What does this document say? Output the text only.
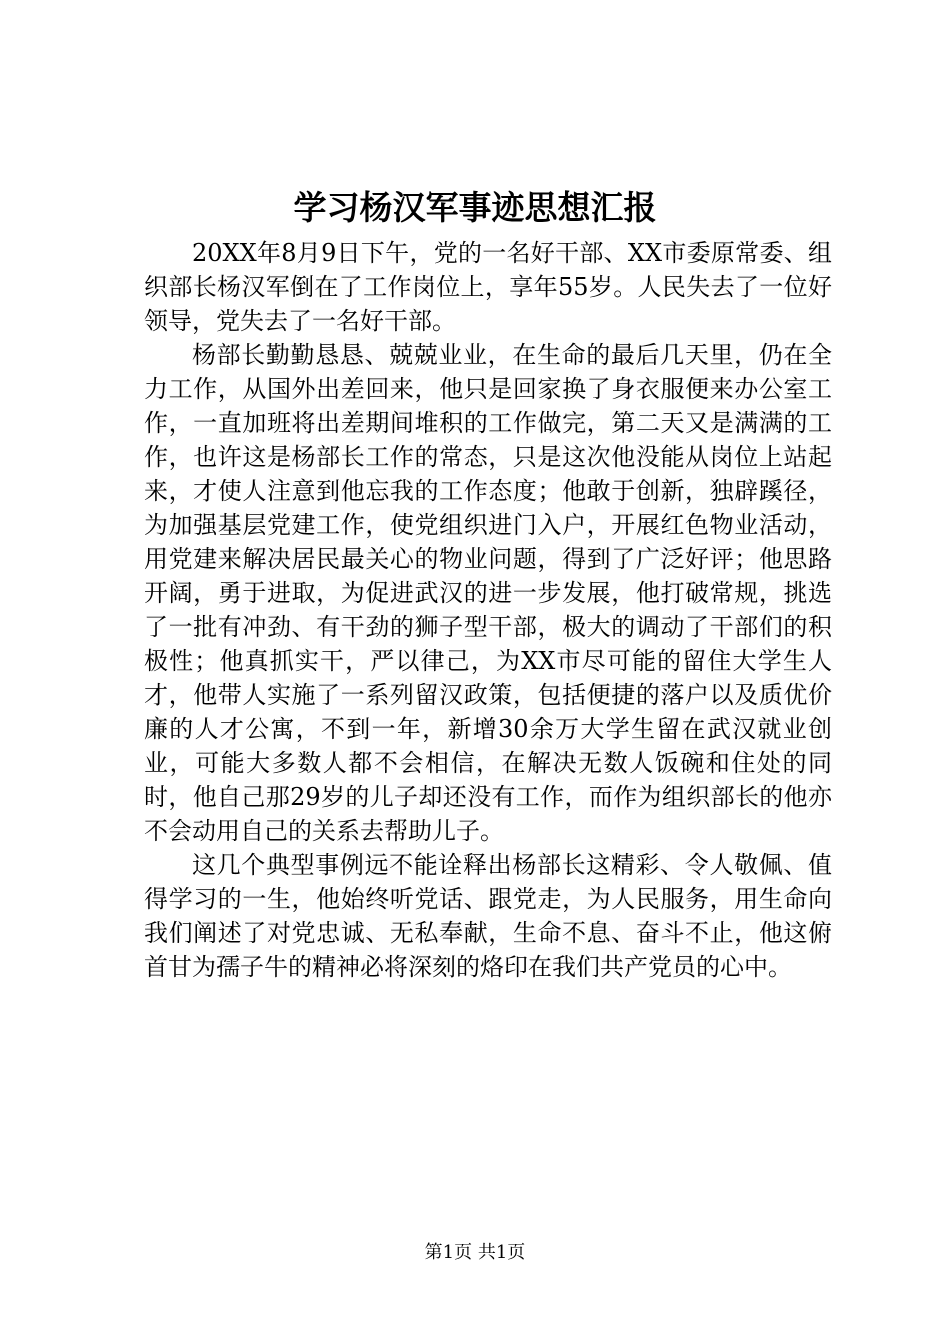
学习杨汉军事迹思想汇报

20XX年8月9日下午，党的一名好干部、XX市委原常委、组织部长杨汉军倒在了工作岗位上，享年55岁。人民失去了一位好领导，党失去了一名好干部。

杨部长勤勤恳恳、兢兢业业，在生命的最后几天里，仍在全力工作，从国外出差回来，他只是回家换了身衣服便来办公室工作，一直加班将出差期间堆积的工作做完，第二天又是满满的工作，也许这是杨部长工作的常态，只是这次他没能从岗位上站起来，才使人注意到他忘我的工作态度；他敢于创新，独辟蹊径，为加强基层党建工作，使党组织进门入户，开展红色物业活动，用党建来解决居民最关心的物业问题，得到了广泛好评；他思路开阔，勇于进取，为促进武汉的进一步发展，他打破常规，挑选了一批有冲劲、有干劲的狮子型干部，极大的调动了干部们的积极性；他真抓实干，严以律己，为XX市尽可能的留住大学生人才，他带人实施了一系列留汉政策，包括便捷的落户以及质优价廉的人才公寓，不到一年，新增30余万大学生留在武汉就业创业，可能大多数人都不会相信，在解决无数人饭碗和住处的同时，他自己那29岁的儿子却还没有工作，而作为组织部长的他亦不会动用自己的关系去帮助儿子。

这几个典型事例远不能诠释出杨部长这精彩、令人敬佩、值得学习的一生，他始终听党话、跟党走，为人民服务，用生命向我们阐述了对党忠诚、无私奉献，生命不息、奋斗不止，他这俯首甘为孺子牛的精神必将深刻的烙印在我们共产党员的心中。

第1页 共1页
